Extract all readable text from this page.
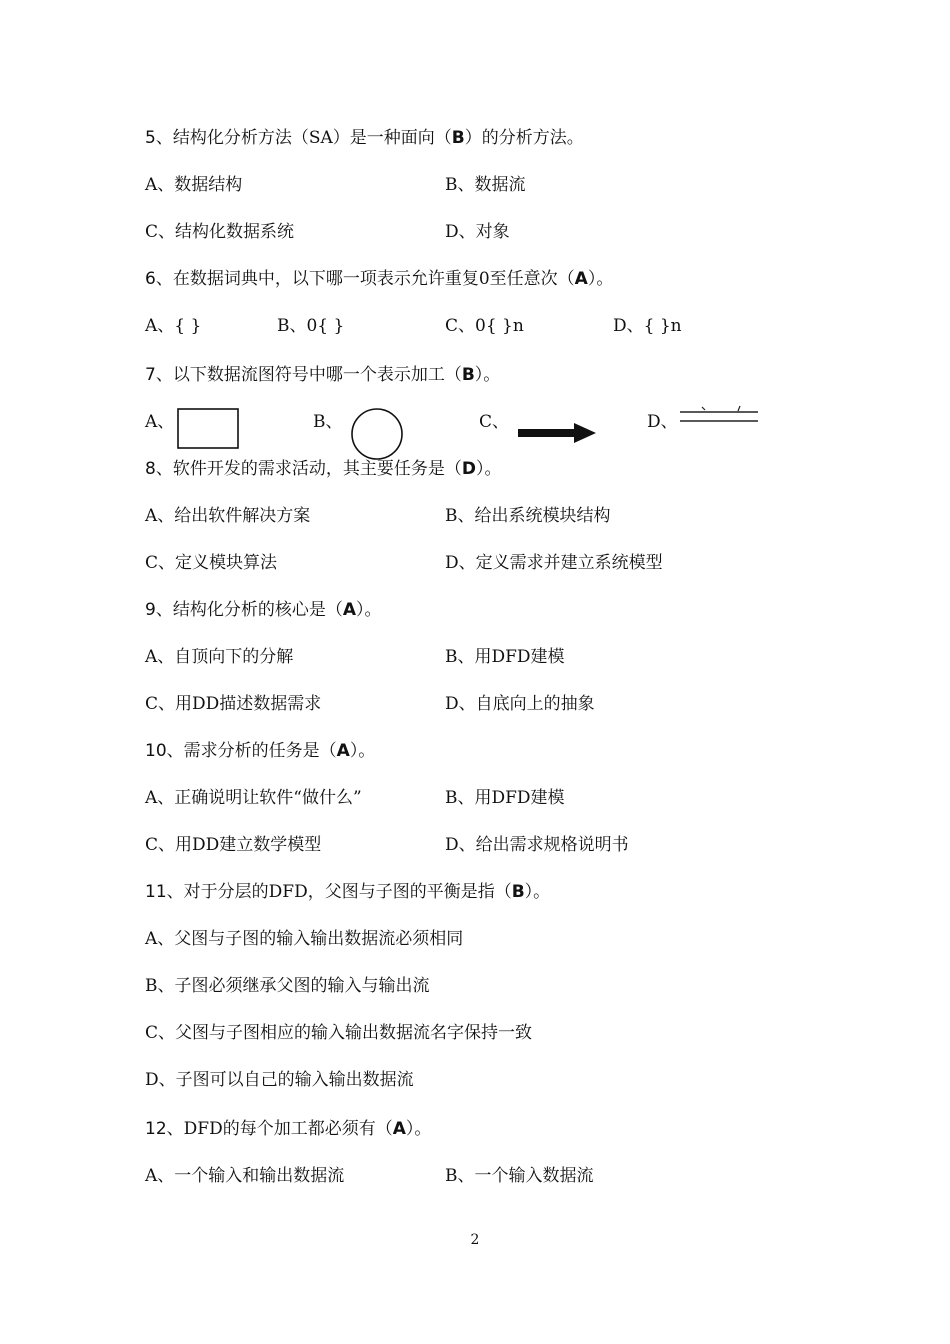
5、结构化分析方法（SA）是一种面向（B）的分析方法。
A、数据结构	B、数据流
C、结构化数据系统	D、对象
6、在数据词典中，以下哪一项表示允许重复0至任意次（A）。
A、{ }	B、0{ }	C、0{ }n	D、{ }n
7、以下数据流图符号中哪一个表示加工（B）。
A、	B、	C、	D、
8、软件开发的需求活动，其主要任务是（D）。
A、给出软件解决方案	B、给出系统模块结构
C、定义模块算法	D、定义需求并建立系统模型
9、结构化分析的核心是（A）。
A、自顶向下的分解	B、用DFD建模
C、用DD描述数据需求	D、自底向上的抽象
10、需求分析的任务是（A）。
A、正确说明让软件“做什么”	B、用DFD建模
C、用DD建立数学模型	D、给出需求规格说明书
11、对于分层的DFD，父图与子图的平衡是指（B）。
A、父图与子图的输入输出数据流必须相同
B、子图必须继承父图的输入与输出流
C、父图与子图相应的输入输出数据流名字保持一致
D、子图可以自己的输入输出数据流
12、DFD的每个加工都必须有（A）。
A、一个输入和输出数据流	B、一个输入数据流
2
